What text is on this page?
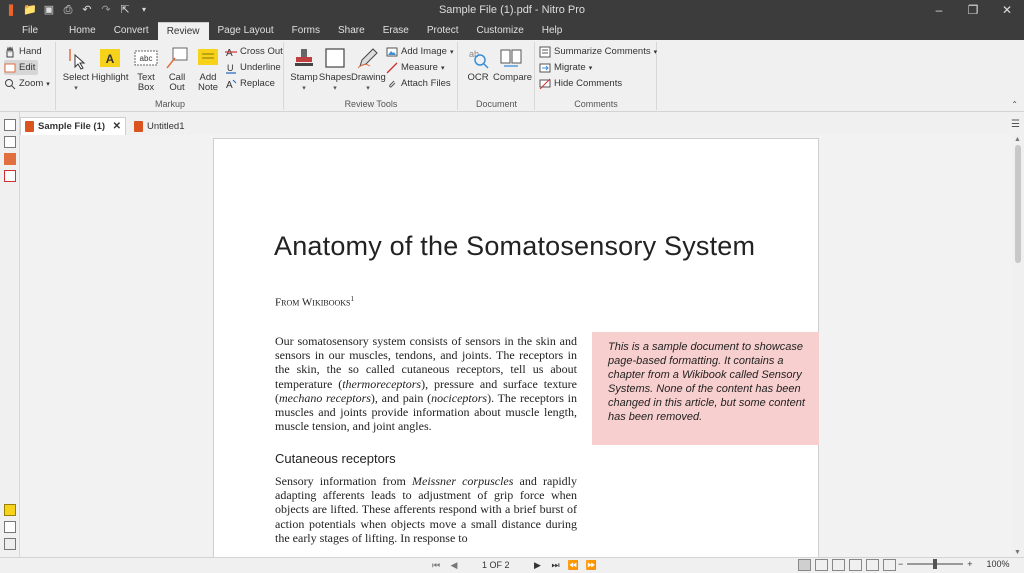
❚ 📁 ▣ ⎙ ↶ ↷ ⇱	▾	Sample File (1).pdf - Nitro Pro	–	❐	✕
File	Home	Convert	Review	Page Layout	Forms	Share	Erase	Protect	Customize	Help
Hand
Edit
Zoom ▾
Select
▾
A
Highlight
abc
Text
Box
Call
Out
Add
Note
A Cross Out
U Underline
A Replace
Markup
Stamp
▾
Shapes
▾
Drawing
▾
Add Image ▾
Measure ▾
Attach Files
Review Tools
ab
OCR Compare
Document
Summarize Comments ▾
Migrate ▾
Hide Comments
Comments	⌃
Sample File (1) ✕	Untitled1	☰
Anatomy of the Somatosensory System
From Wikibooks$^1$
Our somatosensory system consists of sensors in the skin and sensors in our muscles, tendons, and joints. The receptors in the skin, the so called cutaneous receptors, tell us about temperature (thermoreceptors), pressure and surface texture (mechano receptors), and pain (nociceptors). The receptors in muscles and joints provide information about muscle length, muscle tension, and joint angles.
Cutaneous receptors
Sensory information from Meissner corpuscles and rapidly adapting afferents leads to adjustment of grip force when objects are lifted. These afferents respond with a brief burst of action potentials when objects move a small distance during the early stages of lifting. In response to
This is a sample document to showcase page-based formatting. It contains a chapter from a Wikibook called Sensory Systems. None of the content has been changed in this article, but some content has been removed.
▲
▼
⏮ ◀	1 OF 2	▶ ⏭ ⏪ ⏩	−	+ 100%
